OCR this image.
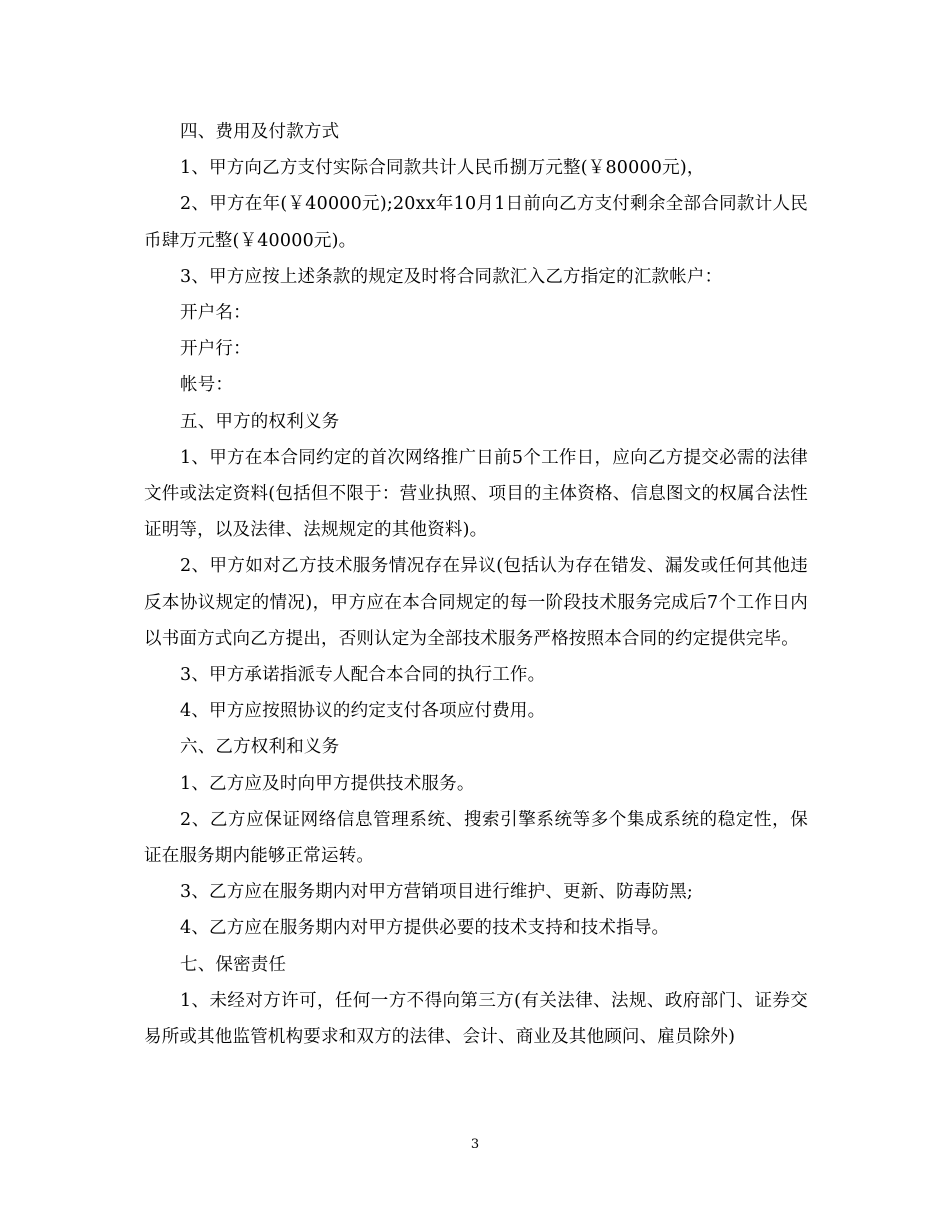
四、费用及付款方式

1、甲方向乙方支付实际合同款共计人民币捌万元整(￥80000元)，

2、甲方在年(￥40000元);20xx年10月1日前向乙方支付剩余全部合同款计人民币肆万元整(￥40000元)。

3、甲方应按上述条款的规定及时将合同款汇入乙方指定的汇款帐户：

开户名：

开户行：

帐号：

五、甲方的权利义务

1、甲方在本合同约定的首次网络推广日前5个工作日，应向乙方提交必需的法律文件或法定资料(包括但不限于：营业执照、项目的主体资格、信息图文的权属合法性证明等，以及法律、法规规定的其他资料)。

2、甲方如对乙方技术服务情况存在异议(包括认为存在错发、漏发或任何其他违反本协议规定的情况)，甲方应在本合同规定的每一阶段技术服务完成后7个工作日内以书面方式向乙方提出，否则认定为全部技术服务严格按照本合同的约定提供完毕。

3、甲方承诺指派专人配合本合同的执行工作。

4、甲方应按照协议的约定支付各项应付费用。

六、乙方权利和义务

1、乙方应及时向甲方提供技术服务。

2、乙方应保证网络信息管理系统、搜索引擎系统等多个集成系统的稳定性，保证在服务期内能够正常运转。

3、乙方应在服务期内对甲方营销项目进行维护、更新、防毒防黑;

4、乙方应在服务期内对甲方提供必要的技术支持和技术指导。

七、保密责任

1、未经对方许可，任何一方不得向第三方(有关法律、法规、政府部门、证券交易所或其他监管机构要求和双方的法律、会计、商业及其他顾问、雇员除外)

3
